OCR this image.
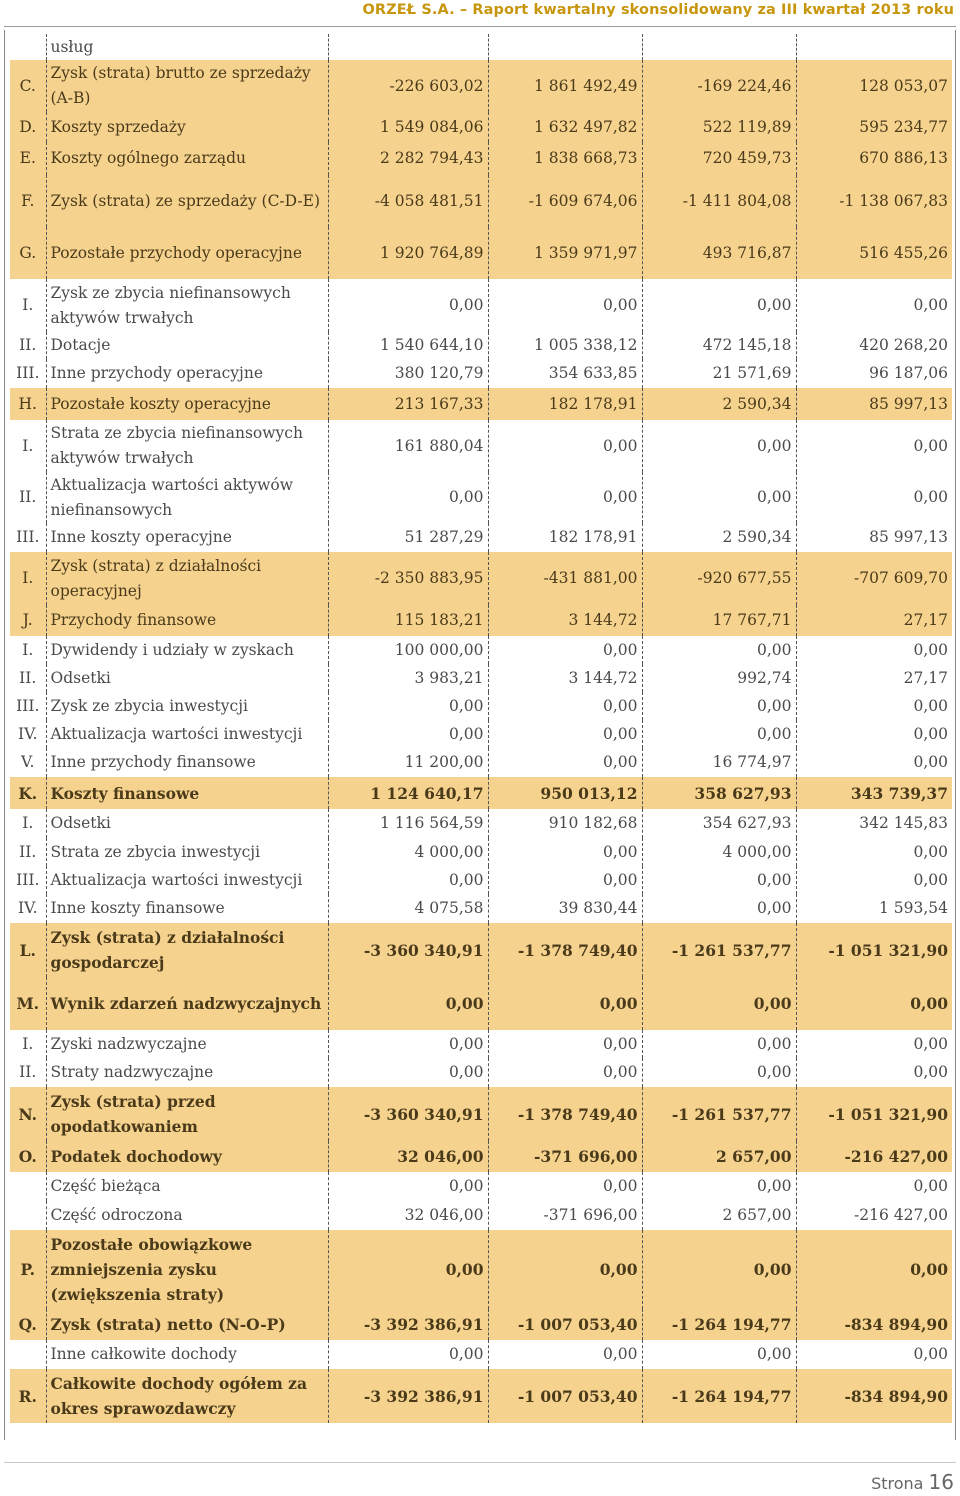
ORZEŁ S.A. – Raport kwartalny skonsolidowany za III kwartał 2013 roku
	usług				
C.	Zysk (strata) brutto ze sprzedaży (A-B)	-226 603,02	1 861 492,49	-169 224,46	128 053,07
D.	Koszty sprzedaży	1 549 084,06	1 632 497,82	522 119,89	595 234,77
E.	Koszty ogólnego zarządu	2 282 794,43	1 838 668,73	720 459,73	670 886,13
F.	Zysk (strata) ze sprzedaży (C-D-E)	-4 058 481,51	-1 609 674,06	-1 411 804,08	-1 138 067,83
G.	Pozostałe przychody operacyjne	1 920 764,89	1 359 971,97	493 716,87	516 455,26
I.	Zysk ze zbycia niefinansowych aktywów trwałych	0,00	0,00	0,00	0,00
II.	Dotacje	1 540 644,10	1 005 338,12	472 145,18	420 268,20
III.	Inne przychody operacyjne	380 120,79	354 633,85	21 571,69	96 187,06
H.	Pozostałe koszty operacyjne	213 167,33	182 178,91	2 590,34	85 997,13
I.	Strata ze zbycia niefinansowych aktywów trwałych	161 880,04	0,00	0,00	0,00
II.	Aktualizacja wartości aktywów niefinansowych	0,00	0,00	0,00	0,00
III.	Inne koszty operacyjne	51 287,29	182 178,91	2 590,34	85 997,13
I.	Zysk (strata) z działalności operacyjnej	-2 350 883,95	-431 881,00	-920 677,55	-707 609,70
J.	Przychody finansowe	115 183,21	3 144,72	17 767,71	27,17
I.	Dywidendy i udziały w zyskach	100 000,00	0,00	0,00	0,00
II.	Odsetki	3 983,21	3 144,72	992,74	27,17
III.	Zysk ze zbycia inwestycji	0,00	0,00	0,00	0,00
IV.	Aktualizacja wartości inwestycji	0,00	0,00	0,00	0,00
V.	Inne przychody finansowe	11 200,00	0,00	16 774,97	0,00
K.	Koszty finansowe	1 124 640,17	950 013,12	358 627,93	343 739,37
I.	Odsetki	1 116 564,59	910 182,68	354 627,93	342 145,83
II.	Strata ze zbycia inwestycji	4 000,00	0,00	4 000,00	0,00
III.	Aktualizacja wartości inwestycji	0,00	0,00	0,00	0,00
IV.	Inne koszty finansowe	4 075,58	39 830,44	0,00	1 593,54
L.	Zysk (strata) z działalności gospodarczej	-3 360 340,91	-1 378 749,40	-1 261 537,77	-1 051 321,90
M.	Wynik zdarzeń nadzwyczajnych	0,00	0,00	0,00	0,00
I.	Zyski nadzwyczajne	0,00	0,00	0,00	0,00
II.	Straty nadzwyczajne	0,00	0,00	0,00	0,00
N.	Zysk (strata) przed opodatkowaniem	-3 360 340,91	-1 378 749,40	-1 261 537,77	-1 051 321,90
O.	Podatek dochodowy	32 046,00	-371 696,00	2 657,00	-216 427,00
	Część bieżąca	0,00	0,00	0,00	0,00
	Część odroczona	32 046,00	-371 696,00	2 657,00	-216 427,00
P.	Pozostałe obowiązkowe zmniejszenia zysku (zwiększenia straty)	0,00	0,00	0,00	0,00
Q.	Zysk (strata) netto (N-O-P)	-3 392 386,91	-1 007 053,40	-1 264 194,77	-834 894,90
	Inne całkowite dochody	0,00	0,00	0,00	0,00
R.	Całkowite dochody ogółem za okres sprawozdawczy	-3 392 386,91	-1 007 053,40	-1 264 194,77	-834 894,90
Strona 16
